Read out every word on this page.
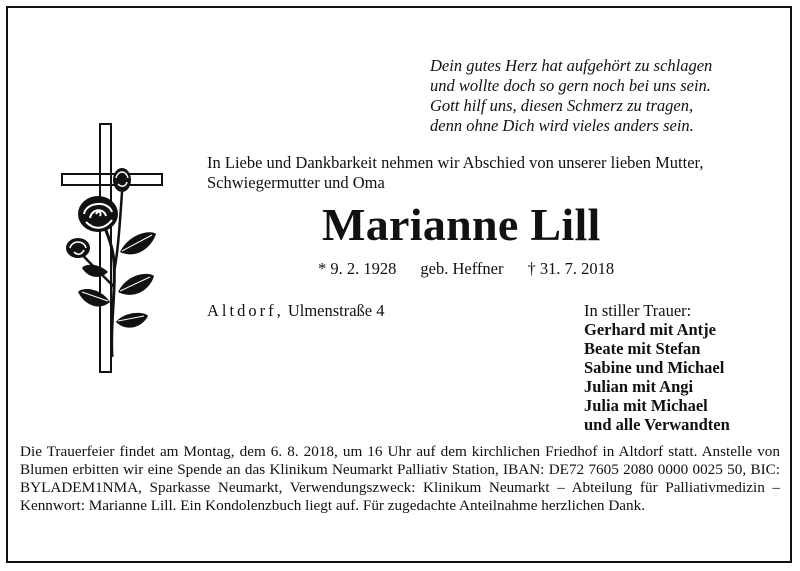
Dein gutes Herz hat aufgehört zu schlagen
und wollte doch so gern noch bei uns sein.
Gott hilf uns, diesen Schmerz zu tragen,
denn ohne Dich wird vieles anders sein.
In Liebe und Dankbarkeit nehmen wir Abschied von unserer lieben Mutter,
Schwiegermutter und Oma
Marianne Lill
* 9. 2. 1928 geb. Heffner † 31. 7. 2018
Altdorf, Ulmenstraße 4	In stiller Trauer:
Gerhard mit Antje
Beate mit Stefan
Sabine und Michael
Julian mit Angi
Julia mit Michael
und alle Verwandten
Die Trauerfeier findet am Montag, dem 6. 8. 2018, um 16 Uhr auf dem kirchlichen Friedhof in Altdorf statt. Anstelle von Blumen erbitten wir eine Spende an das Klinikum Neumarkt Palliativ Station, IBAN: DE72 7605 2080 0000 0025 50, BIC: BYLADEM1NMA, Sparkasse Neumarkt, Verwendungszweck: Klinikum Neumarkt – Abteilung für Palliativmedizin – Kennwort: Marianne Lill. Ein Kondolenzbuch liegt auf. Für zugedachte Anteilnahme herzlichen Dank.
